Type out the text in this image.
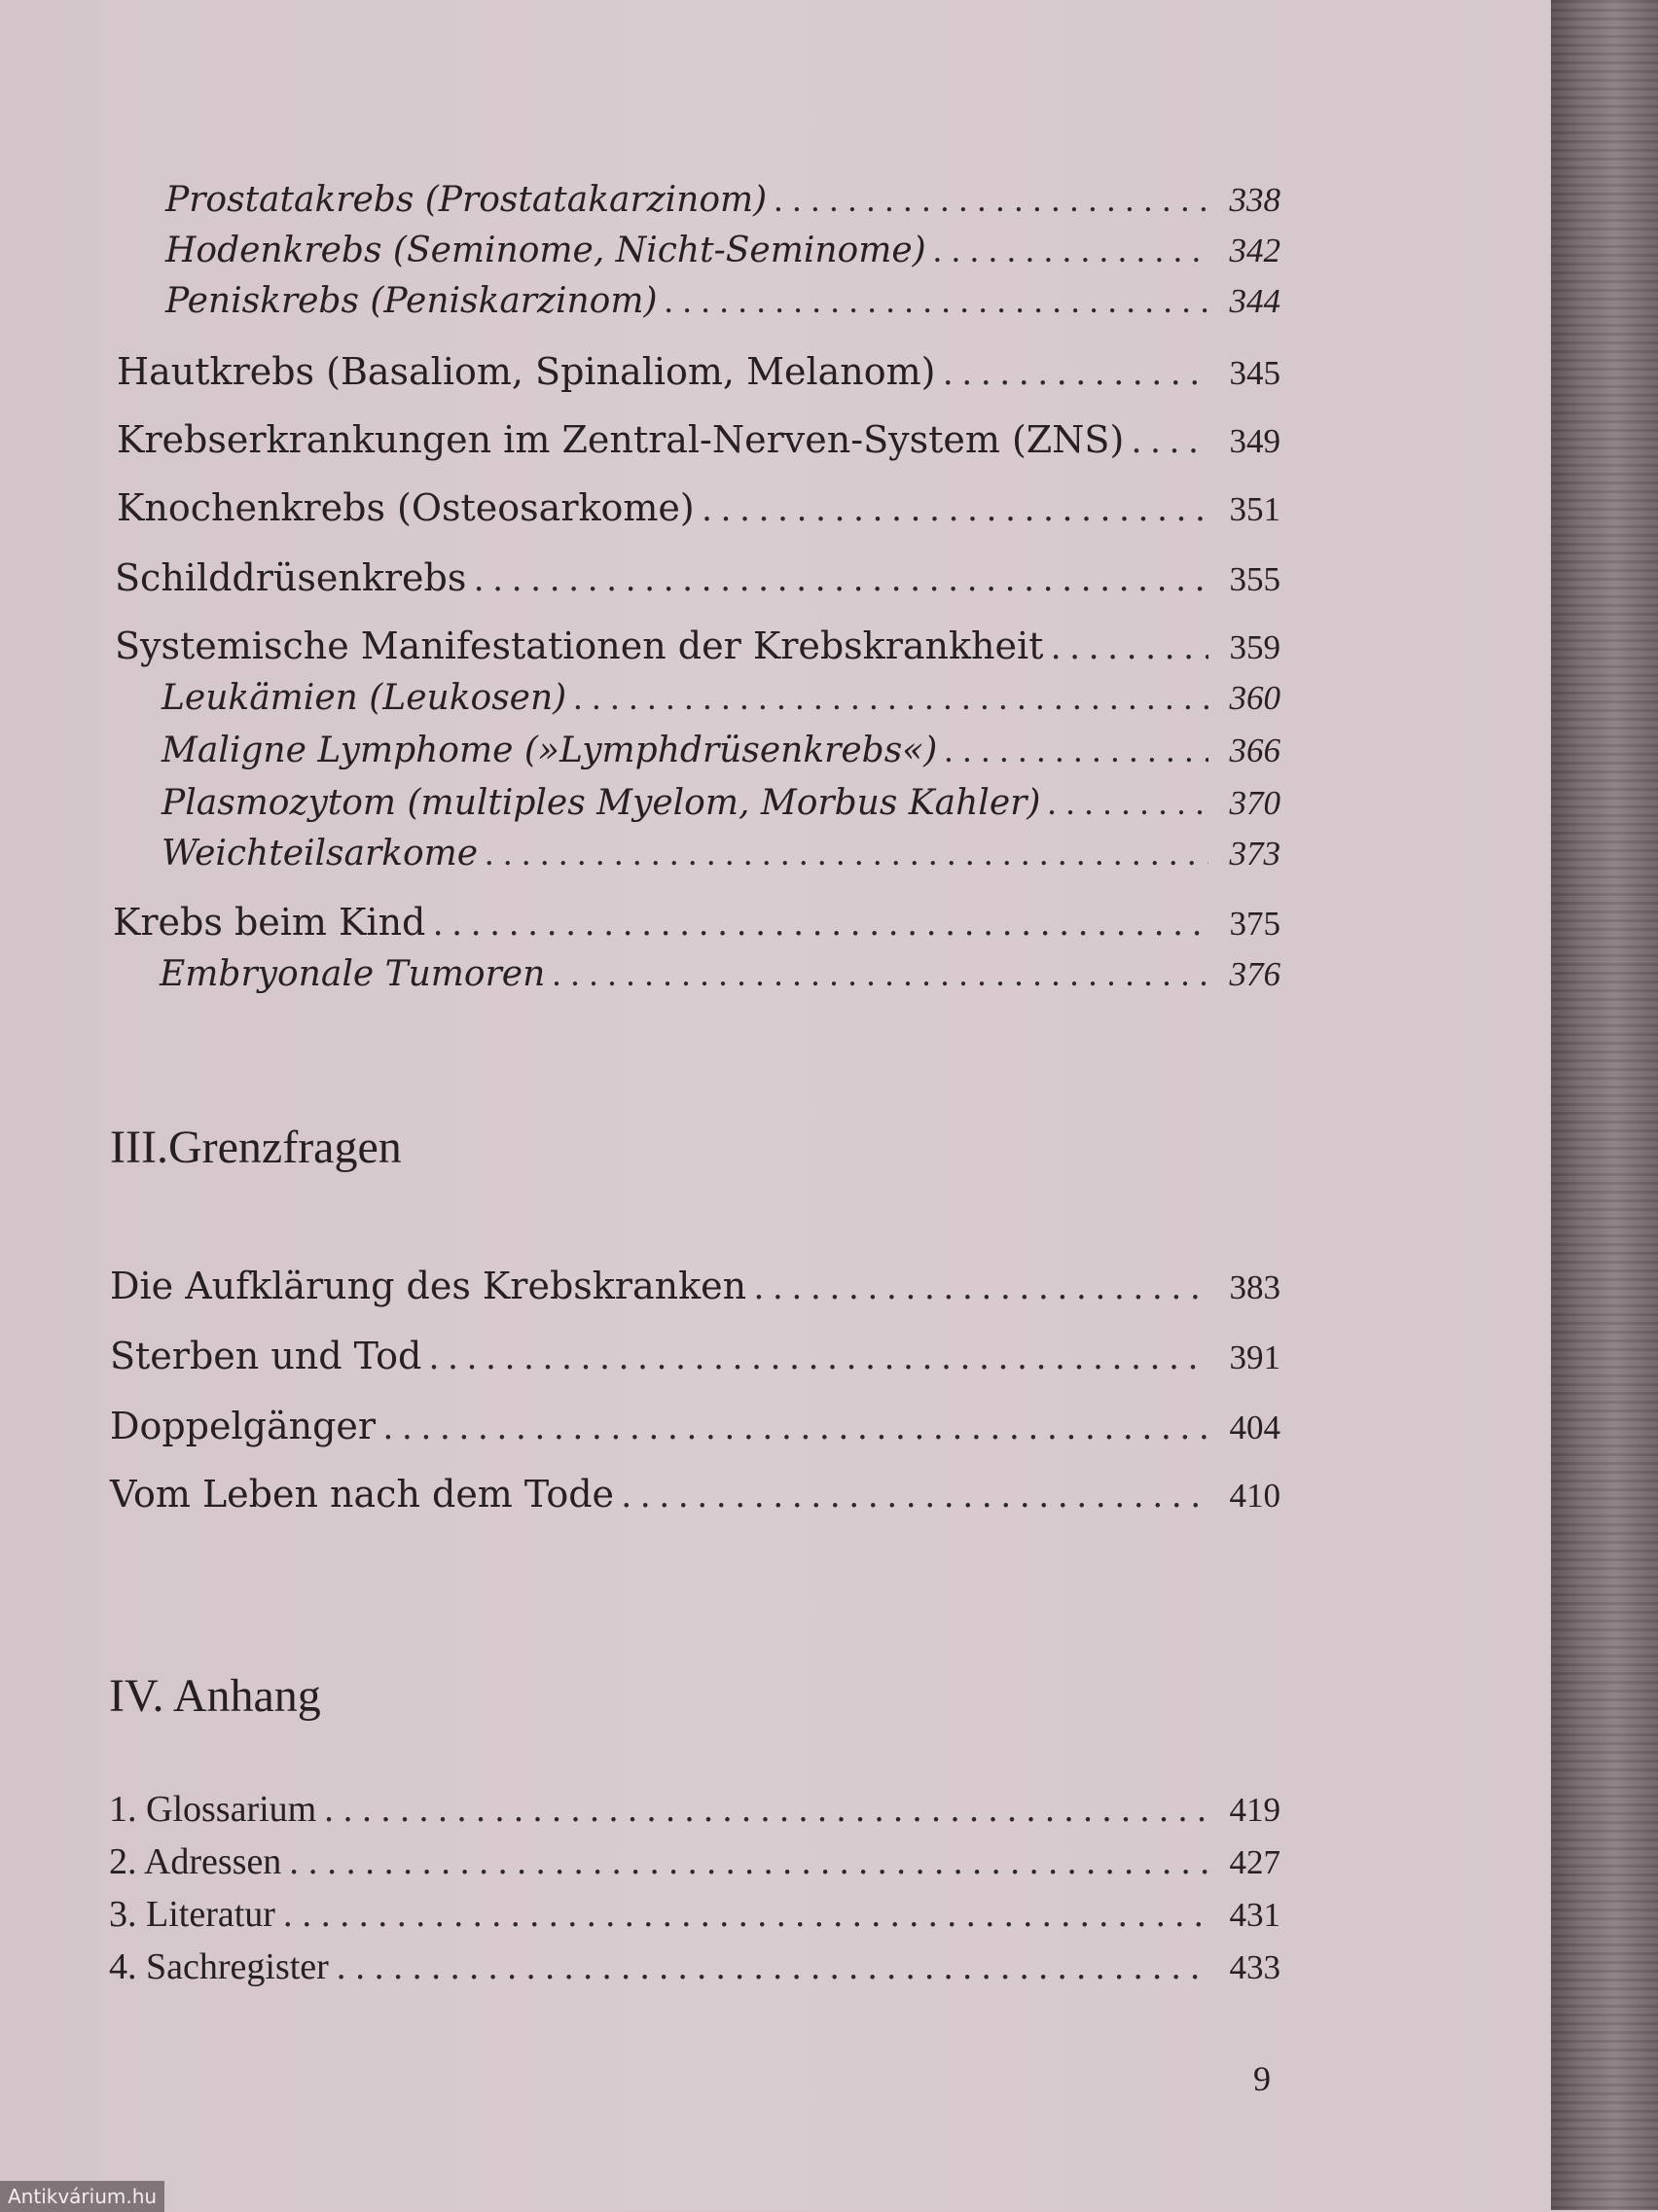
Prostatakrebs (Prostatakarzinom) .....	338
Hodenkrebs (Seminome, Nicht-Seminome) .....	342
Peniskrebs (Peniskarzinom) .....	344
Hautkrebs (Basaliom, Spinaliom, Melanom) .....	345
Krebserkrankungen im Zentral-Nerven-System (ZNS) .....	349
Knochenkrebs (Osteosarkome) .....	351
Schilddrüsenkrebs .....	355
Systemische Manifestationen der Krebskrankheit .....	359
Leukämien (Leukosen) .....	360
Maligne Lymphome (»Lymphdrüsenkrebs«) .....	366
Plasmozytom (multiples Myelom, Morbus Kahler) .....	370
Weichteilsarkome .....	373
Krebs beim Kind .....	375
Embryonale Tumoren .....	376
III.Grenzfragen
Die Aufklärung des Krebskranken .....	383
Sterben und Tod .....	391
Doppelgänger .....	404
Vom Leben nach dem Tode .....	410
IV. Anhang
1. Glossarium .....	419
2. Adressen .....	427
3. Literatur .....	431
4. Sachregister .....	433
9
Antikvárium.hu
